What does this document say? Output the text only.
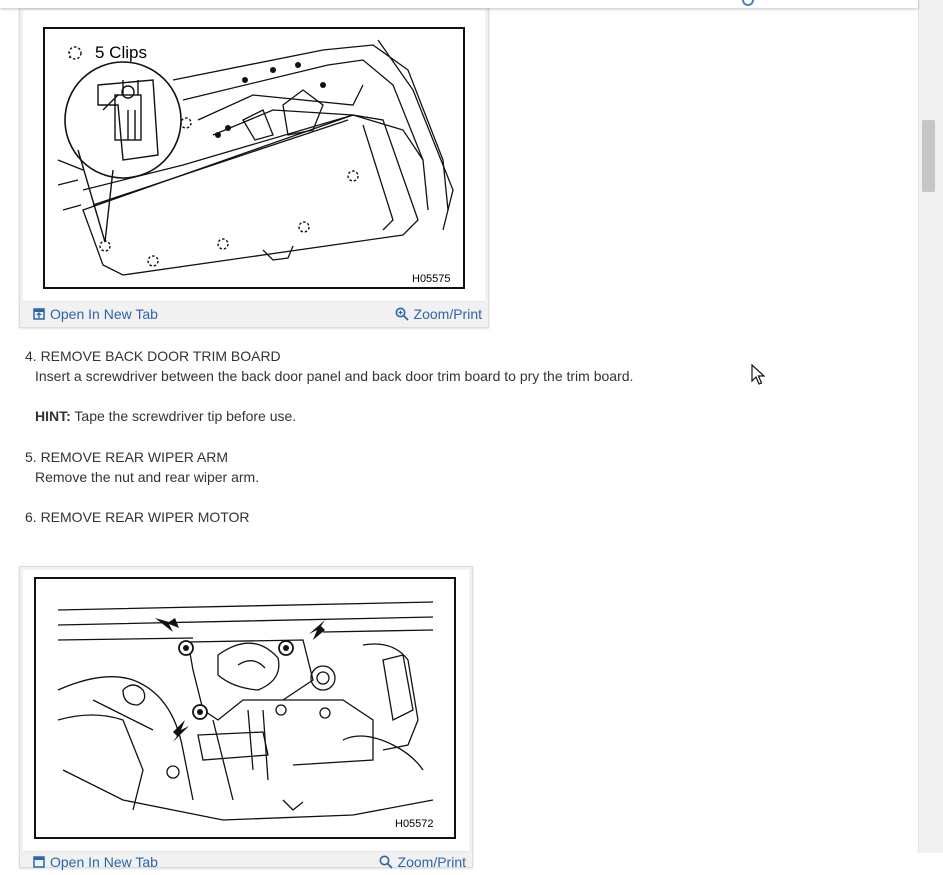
: 5 Clips
H05575
Open In New Tab	Zoom/Print
4. REMOVE BACK DOOR TRIM BOARD
Insert a screwdriver between the back door panel and back door trim board to pry the trim board.
HINT: Tape the screwdriver tip before use.
5. REMOVE REAR WIPER ARM
Remove the nut and rear wiper arm.
6. REMOVE REAR WIPER MOTOR
H05572
Open In New Tab	Zoom/Print
